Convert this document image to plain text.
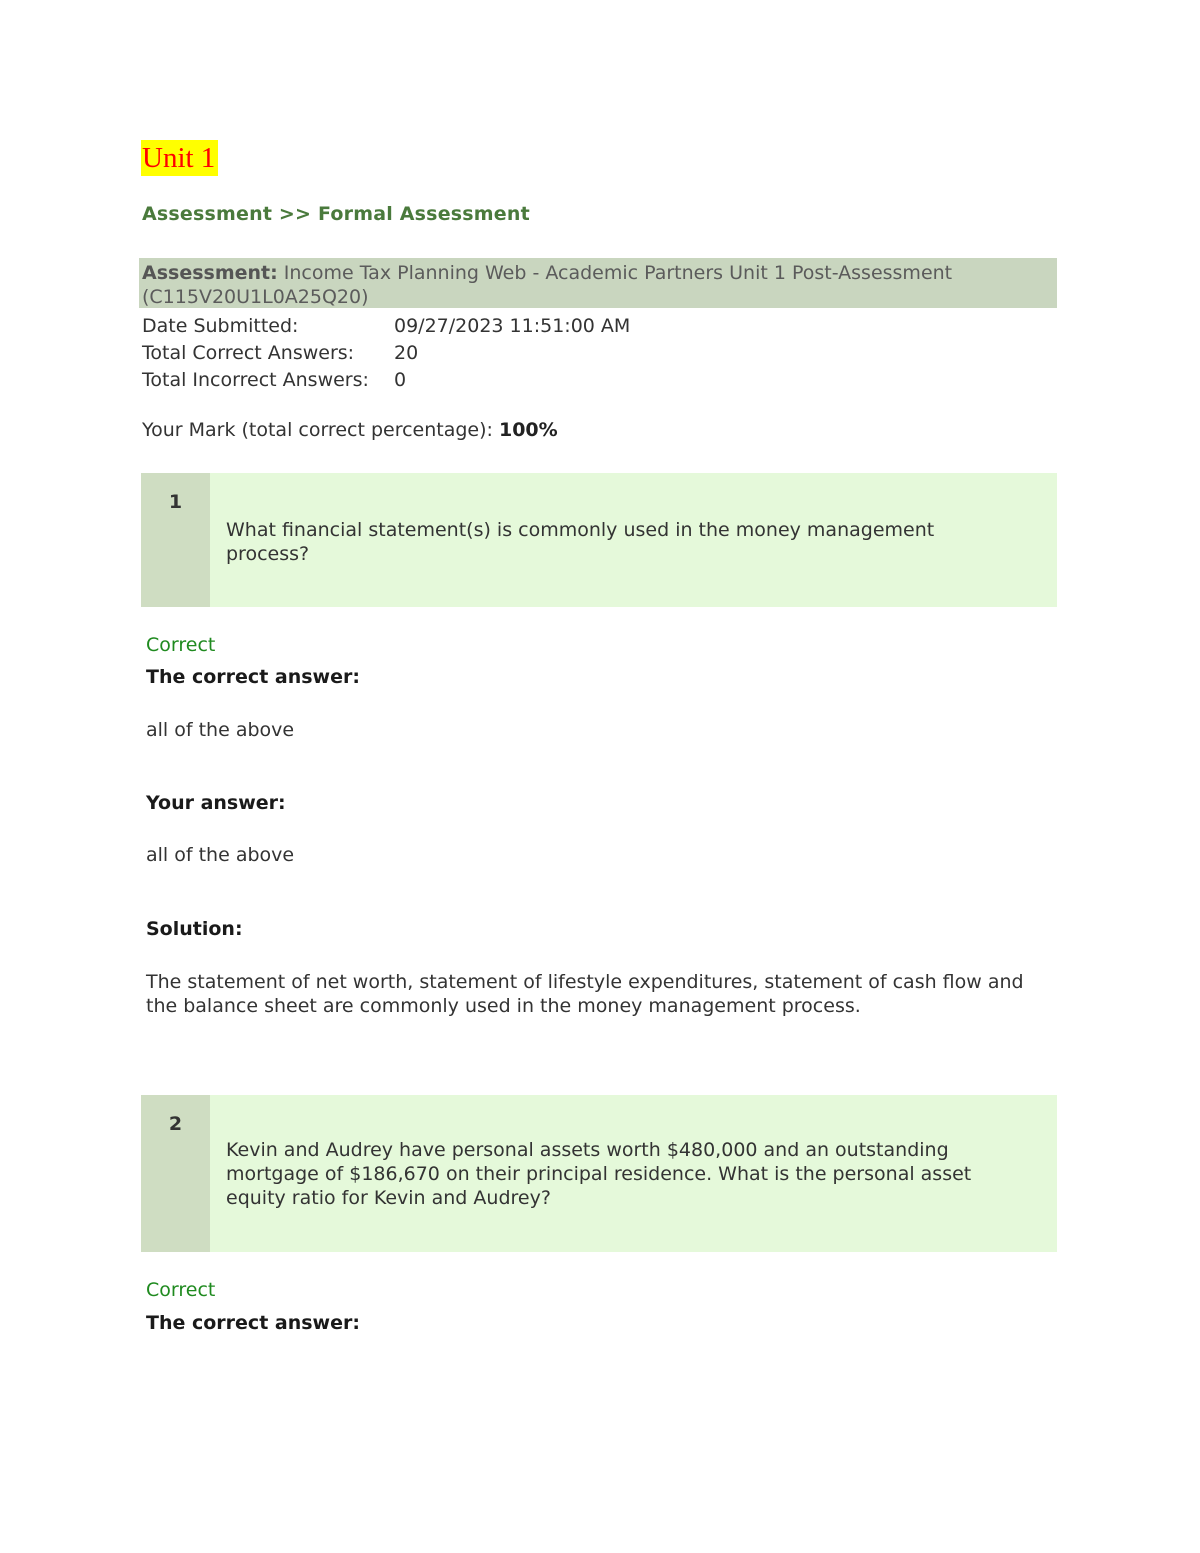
Unit 1
Assessment >> Formal Assessment
Assessment: Income Tax Planning Web - Academic Partners Unit 1 Post-Assessment (C115V20U1L0A25Q20)
Date Submitted:	09/27/2023 11:51:00 AM
Total Correct Answers: 20
Total Incorrect Answers: 0
Your Mark (total correct percentage): 100%
1
What financial statement(s) is commonly used in the money management process?
Correct
The correct answer:
all of the above
Your answer:
all of the above
Solution:
The statement of net worth, statement of lifestyle expenditures, statement of cash flow and the balance sheet are commonly used in the money management process.
2
Kevin and Audrey have personal assets worth $480,000 and an outstanding mortgage of $186,670 on their principal residence. What is the personal asset equity ratio for Kevin and Audrey?
Correct
The correct answer:
